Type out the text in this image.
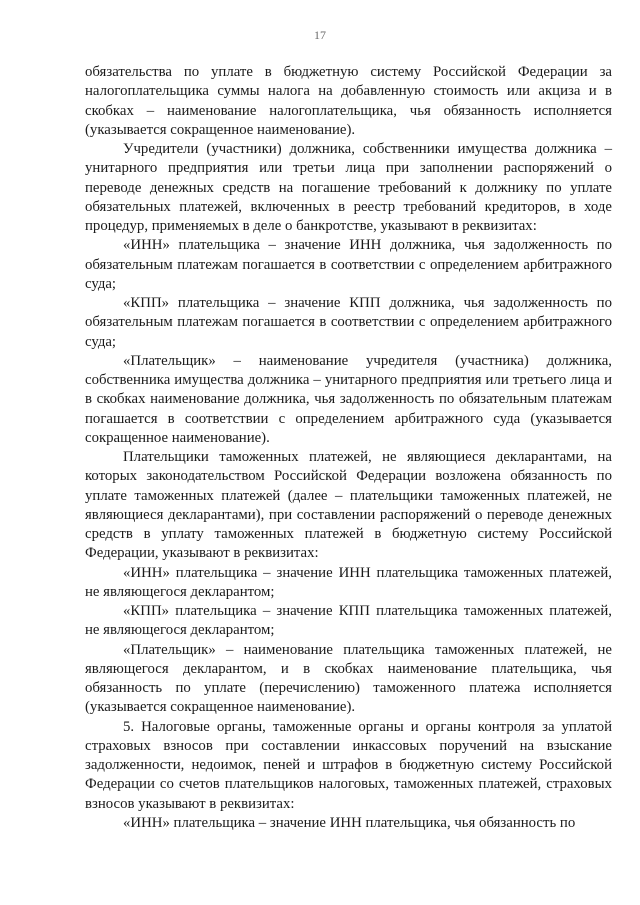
17

обязательства по уплате в бюджетную систему Российской Федерации за налогоплательщика суммы налога на добавленную стоимость или акциза и в скобках – наименование налогоплательщика, чья обязанность исполняется (указывается сокращенное наименование).

Учредители (участники) должника, собственники имущества должника – унитарного предприятия или третьи лица при заполнении распоряжений о переводе денежных средств на погашение требований к должнику по уплате обязательных платежей, включенных в реестр требований кредиторов, в ходе процедур, применяемых в деле о банкротстве, указывают в реквизитах:

«ИНН» плательщика – значение ИНН должника, чья задолженность по обязательным платежам погашается в соответствии с определением арбитражного суда;

«КПП» плательщика – значение КПП должника, чья задолженность по обязательным платежам погашается в соответствии с определением арбитражного суда;

«Плательщик» – наименование учредителя (участника) должника, собственника имущества должника – унитарного предприятия или третьего лица и в скобках наименование должника, чья задолженность по обязательным платежам погашается в соответствии с определением арбитражного суда (указывается сокращенное наименование).

Плательщики таможенных платежей, не являющиеся декларантами, на которых законодательством Российской Федерации возложена обязанность по уплате таможенных платежей (далее – плательщики таможенных платежей, не являющиеся декларантами), при составлении распоряжений о переводе денежных средств в уплату таможенных платежей в бюджетную систему Российской Федерации, указывают в реквизитах:

«ИНН» плательщика – значение ИНН плательщика таможенных платежей, не являющегося декларантом;

«КПП» плательщика – значение КПП плательщика таможенных платежей, не являющегося декларантом;

«Плательщик» – наименование плательщика таможенных платежей, не являющегося декларантом, и в скобках наименование плательщика, чья обязанность по уплате (перечислению) таможенного платежа исполняется (указывается сокращенное наименование).

5. Налоговые органы, таможенные органы и органы контроля за уплатой страховых взносов при составлении инкассовых поручений на взыскание задолженности, недоимок, пеней и штрафов в бюджетную систему Российской Федерации со счетов плательщиков налоговых, таможенных платежей, страховых взносов указывают в реквизитах:

«ИНН» плательщика – значение ИНН плательщика, чья обязанность по
